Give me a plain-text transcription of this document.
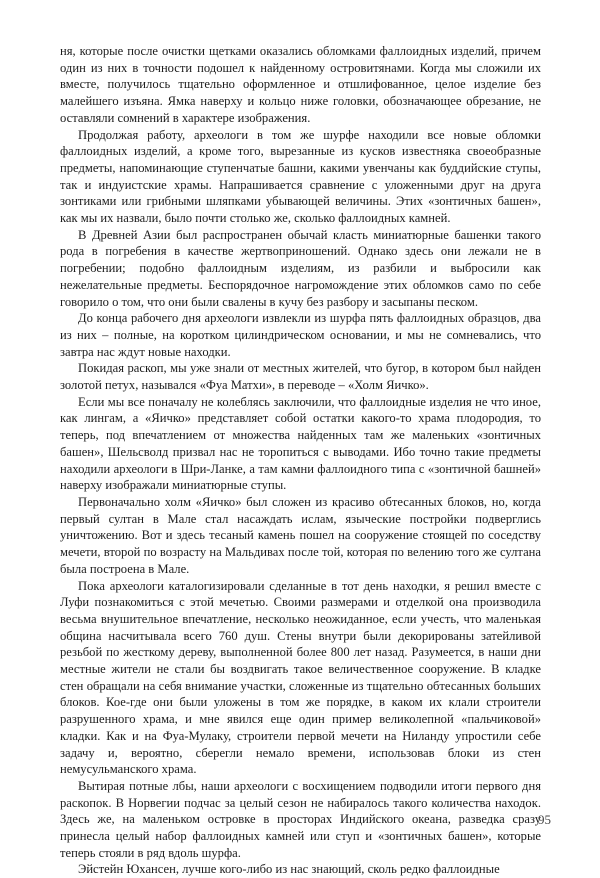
ня, которые после очистки щетками оказались обломками фаллоидных изделий, причем один из них в точности подошел к найденному островитянами. Когда мы сложили их вместе, получилось тщательно оформленное и отшлифованное, целое изделие без малейшего изъяна. Ямка наверху и кольцо ниже головки, обозначающее обрезание, не оставляли сомнений в характере изображения.

Продолжая работу, археологи в том же шурфе находили все новые обломки фаллоидных изделий, а кроме того, вырезанные из кусков известняка своеобразные предметы, напоминающие ступенчатые башни, какими увенчаны как буддийские ступы, так и индуистские храмы. Напрашивается сравнение с уложенными друг на друга зонтиками или грибными шляпками убывающей величины. Этих «зонтичных башен», как мы их назвали, было почти столько же, сколько фаллоидных камней.

В Древней Азии был распространен обычай класть миниатюрные башенки такого рода в погребения в качестве жертвоприношений. Однако здесь они лежали не в погребении; подобно фаллоидным изделиям, из разбили и выбросили как нежелательные предметы. Беспорядочное нагромождение этих обломков само по себе говорило о том, что они были свалены в кучу без разбору и засыпаны песком.

До конца рабочего дня археологи извлекли из шурфа пять фаллоидных образцов, два из них – полные, на коротком цилиндрическом основании, и мы не сомневались, что завтра нас ждут новые находки.

Покидая раскоп, мы уже знали от местных жителей, что бугор, в котором был найден золотой петух, называлcя «Фуа Матхи», в переводе – «Холм Яичко».

Если мы все поначалу не колеблясь заключили, что фаллоидные изделия не что иное, как лингам, а «Яичко» представляет собой остатки какого-то храма плодородия, то теперь, под впечатлением от множества найденных там же маленьких «зонтичных башен», Шельсволд призвал нас не торопиться с выводами. Ибо точно такие предметы находили археологи в Шри-Ланке, а там камни фаллоидного типа с «зонтичной башней» наверху изображали миниатюрные ступы.

Первоначально холм «Яичко» был сложен из красиво обтесанных блоков, но, когда первый султан в Мале стал насаждать ислам, языческие постройки подверглись уничтожению. Вот и здесь тесаный камень пошел на сооружение стоящей по соседству мечети, второй по возрасту на Мальдивах после той, которая по велению того же султана была построена в Мале.

Пока археологи каталогизировали сделанные в тот день находки, я решил вместе с Луфи познакомиться с этой мечетью. Своими размерами и отделкой она производила весьма внушительное впечатление, несколько неожиданное, если учесть, что маленькая община насчитывала всего 760 душ. Стены внутри были декорированы затейливой резьбой по жесткому дереву, выполненной более 800 лет назад. Разумеется, в наши дни местные жители не стали бы воздвигать такое величественное сооружение. В кладке стен обращали на себя внимание участки, сложенные из тщательно обтесанных больших блоков. Кое-где они были уложены в том же порядке, в каком их клали строители разрушенного храма, и мне явился еще один пример великолепной «пальчиковой» кладки. Как и на Фуа-Мулаку, строители первой мечети на Ниланду упростили себе задачу и, вероятно, сберегли немало времени, использовав блоки из стен немусульманского храма.

Вытирая потные лбы, наши археологи с восхищением подводили итоги первого дня раскопок. В Норвегии подчас за целый сезон не набиралось такого количества находок. Здесь же, на маленьком островке в просторах Индийского океана, разведка сразу принесла целый набор фаллоидных камней или ступ и «зонтичных башен», которые теперь стояли в ряд вдоль шурфа.

Эйстейн Юхансен, лучше кого-либо из нас знающий, сколь редко фаллоидные

95
